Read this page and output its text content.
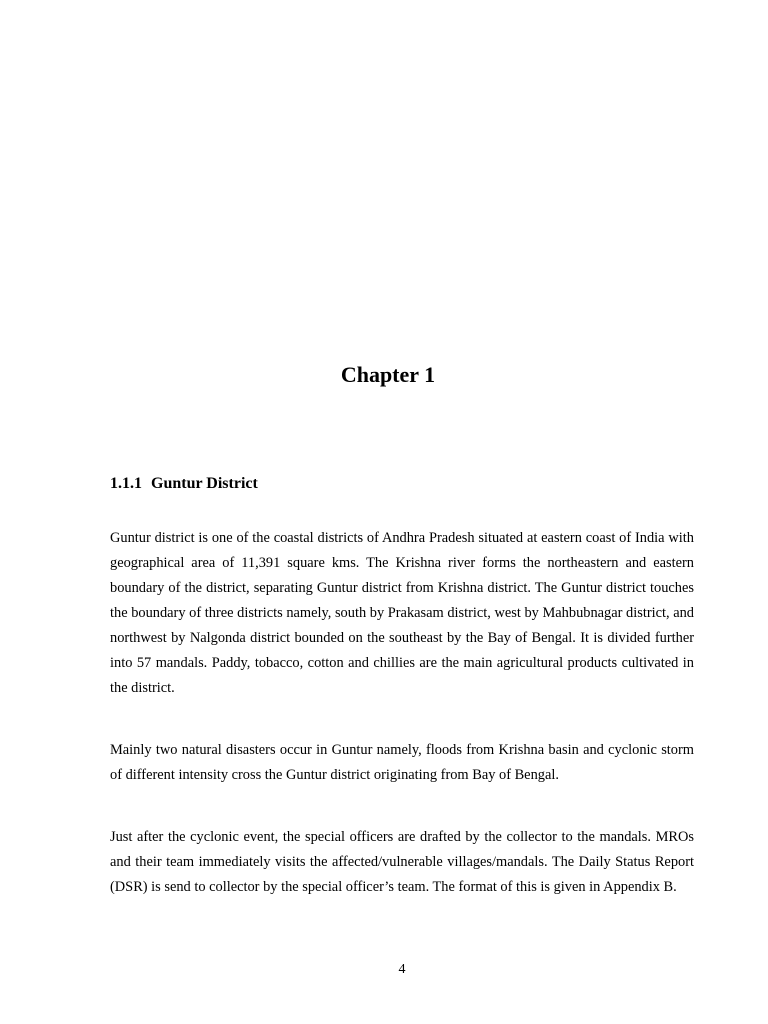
Chapter 1
1.1.1 Guntur District

Guntur district is one of the coastal districts of Andhra Pradesh situated at eastern coast of India with geographical area of 11,391 square kms. The Krishna river forms the northeastern and eastern boundary of the district, separating Guntur district from Krishna district. The Guntur district touches the boundary of three districts namely, south by Prakasam district, west by Mahbubnagar district, and northwest by Nalgonda district bounded on the southeast by the Bay of Bengal. It is divided further into 57 mandals. Paddy, tobacco, cotton and chillies are the main agricultural products cultivated in the district.

Mainly two natural disasters occur in Guntur namely, floods from Krishna basin and cyclonic storm of different intensity cross the Guntur district originating from Bay of Bengal.

Just after the cyclonic event, the special officers are drafted by the collector to the mandals. MROs and their team immediately visits the affected/vulnerable villages/mandals. The Daily Status Report (DSR) is send to collector by the special officer’s team. The format of this is given in Appendix B.

4
